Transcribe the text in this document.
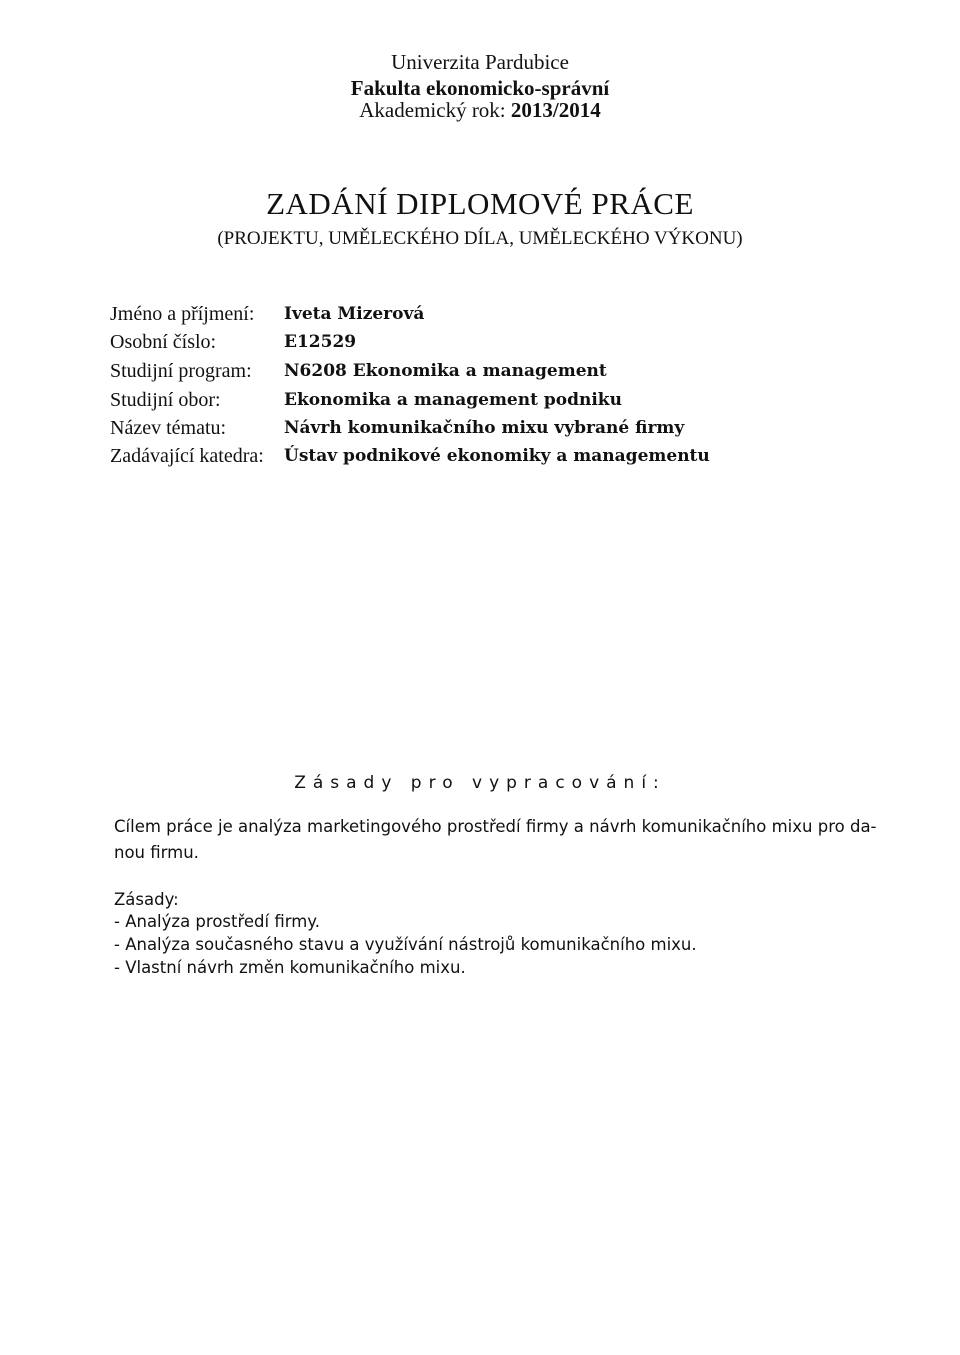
Univerzita Pardubice
Fakulta ekonomicko-správní
Akademický rok: 2013/2014
ZADÁNÍ DIPLOMOVÉ PRÁCE
(PROJEKTU, UMĚLECKÉHO DÍLA, UMĚLECKÉHO VÝKONU)
Jméno a příjmení: Iveta Mizerová
Osobní číslo:	E12529
Studijní program: N6208 Ekonomika a management
Studijní obor:	Ekonomika a management podniku
Název tématu:	Návrh komunikačního mixu vybrané firmy
Zadávající katedra: Ústav podnikové ekonomiky a managementu
Zásady pro vypracování:
Cílem práce je analýza marketingového prostředí firmy a návrh komunikačního mixu pro da-
nou firmu.
Zásady:
- Analýza prostředí firmy.
- Analýza současného stavu a využívání nástrojů komunikačního mixu.
- Vlastní návrh změn komunikačního mixu.
